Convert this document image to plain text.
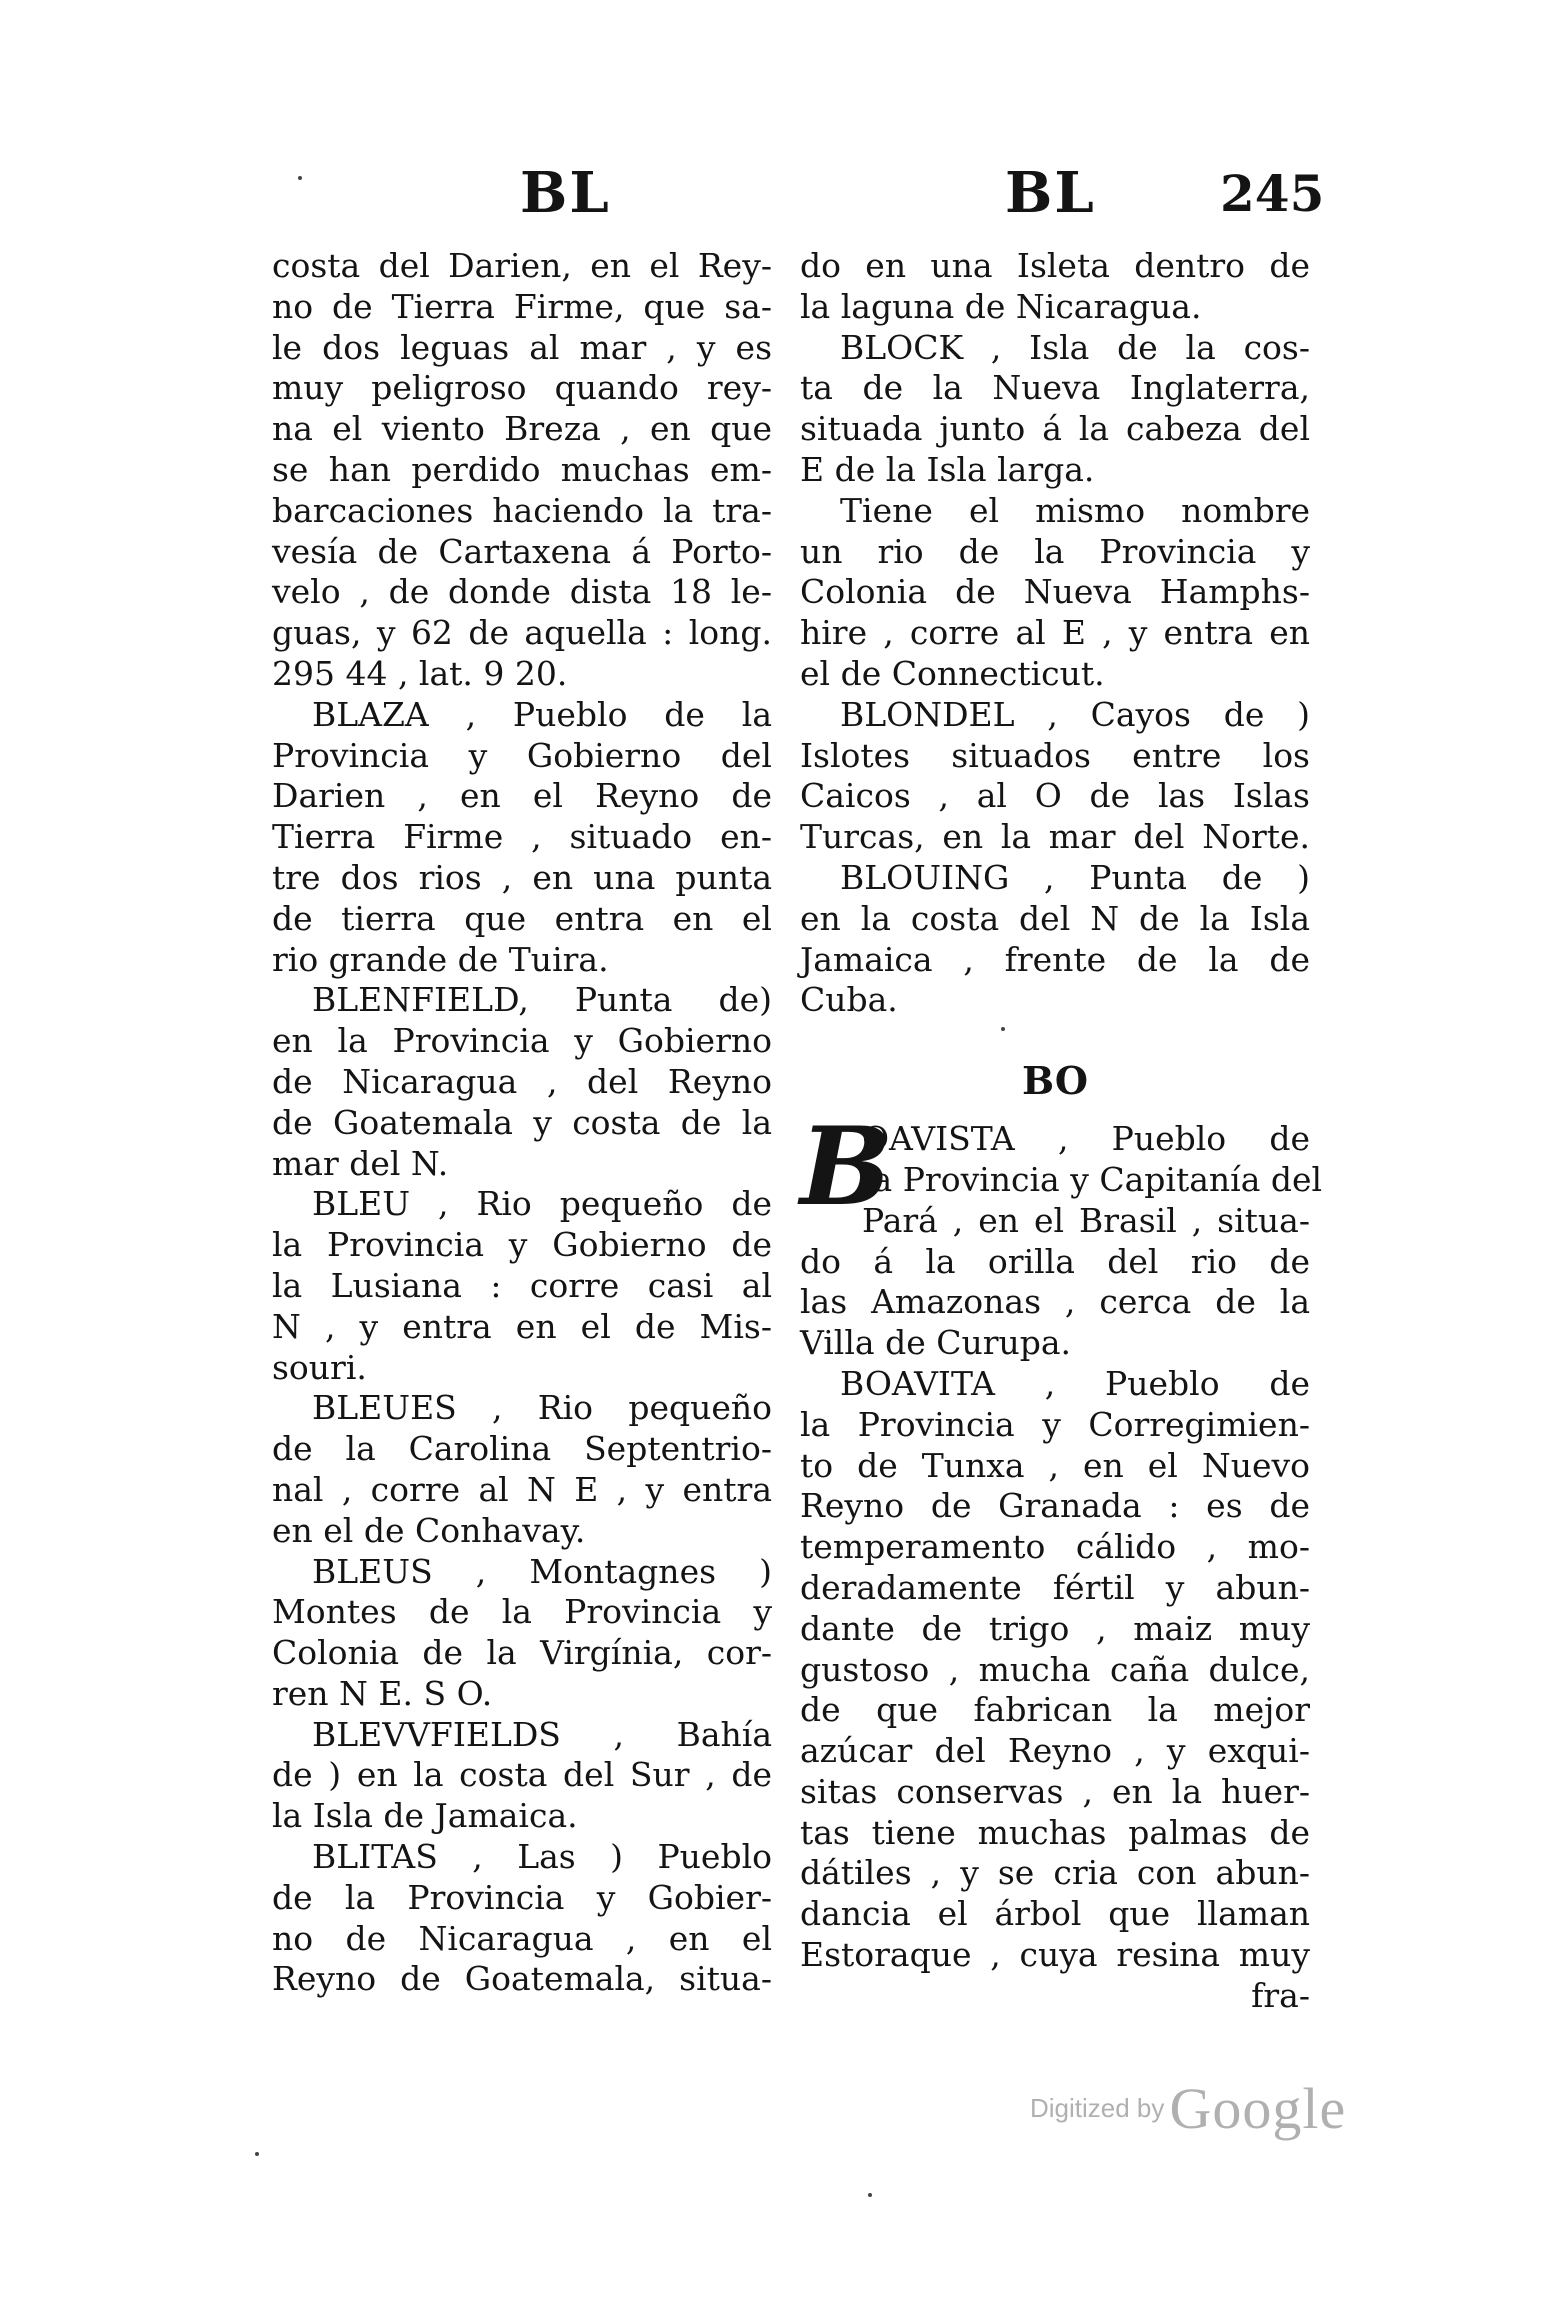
BL	BL 245
costa del Darien, en el Rey-
no de Tierra Firme, que sa-
le dos leguas al mar , y es
muy peligroso quando rey-
na el viento Breza , en que
se han perdido muchas em-
barcaciones haciendo la tra-
vesía de Cartaxena á Porto-
velo , de donde dista 18 le-
guas, y 62 de aquella : long.
295 44 , lat. 9 20.
BLAZA , Pueblo de la
Provincia y Gobierno del
Darien , en el Reyno de
Tierra Firme , situado en-
tre dos rios , en una punta
de tierra que entra en el
rio grande de Tuira.
BLENFIELD, Punta de)
en la Provincia y Gobierno
de Nicaragua , del Reyno
de Goatemala y costa de la
mar del N.
BLEU , Rio pequeño de
la Provincia y Gobierno de
la Lusiana : corre casi al
N , y entra en el de Mis-
souri.
BLEUES , Rio pequeño
de la Carolina Septentrio-
nal , corre al N E , y entra
en el de Conhavay.
BLEUS , Montagnes )
Montes de la Provincia y
Colonia de la Virgínia, cor-
ren N E. S O.
BLEVVFIELDS , Bahía
de ) en la costa del Sur , de
la Isla de Jamaica.
BLITAS , Las ) Pueblo
de la Provincia y Gobier-
no de Nicaragua , en el
Reyno de Goatemala, situa-
do en una Isleta dentro de
la laguna de Nicaragua.
BLOCK , Isla de la cos-
ta de la Nueva Inglaterra,
situada junto á la cabeza del
E de la Isla larga.
Tiene el mismo nombre
un rio de la Provincia y
Colonia de Nueva Hamphs-
hire , corre al E , y entra en
el de Connecticut.
BLONDEL , Cayos de )
Islotes situados entre los
Caicos , al O de las Islas
Turcas, en la mar del Norte.
BLOUING , Punta de )
en la costa del N de la Isla
Jamaica , frente de la de
Cuba.
BO
B
OAVISTA , Pueblo de
la Provincia y Capitanía del
Pará , en el Brasil , situa-
do á la orilla del rio de
las Amazonas , cerca de la
Villa de Curupa.
BOAVITA , Pueblo de
la Provincia y Corregimien-
to de Tunxa , en el Nuevo
Reyno de Granada : es de
temperamento cálido , mo-
deradamente fértil y abun-
dante de trigo , maiz muy
gustoso , mucha caña dulce,
de que fabrican la mejor
azúcar del Reyno , y exqui-
sitas conservas , en la huer-
tas tiene muchas palmas de
dátiles , y se cria con abun-
dancia el árbol que llaman
Estoraque , cuya resina muy
fra-
Digitized by Google
